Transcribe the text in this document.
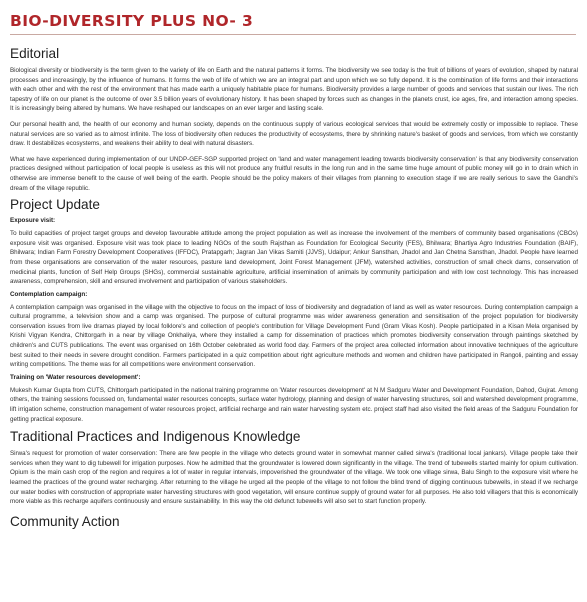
BIO-DIVERSITY PLUS NO- 3
Editorial

Biological diversity or biodiversity is the term given to the variety of life on Earth and the natural patterns it forms. The biodiversity we see today is the fruit of billions of years of evolution, shaped by natural processes and increasingly, by the influence of humans. It forms the web of life of which we are an integral part and upon which we so fully depend. It is the combination of life forms and their interactions with each other and with the rest of the environment that has made earth a uniquely habitable place for humans. Biodiversity provides a large number of goods and services that sustain our lives. The rich tapestry of life on our planet is the outcome of over 3.5 billion years of evolutionary history. It has been shaped by forces such as changes in the planets crust, ice ages, fire, and interaction among species. It is increasingly being altered by humans. We have reshaped our landscapes on an ever larger and lasting scale.

Our personal health and, the health of our economy and human society, depends on the continuous supply of various ecological services that would be extremely costly or impossible to replace. These natural services are so varied as to almost infinite. The loss of biodiversity often reduces the productivity of ecosystems, there by shrinking nature's basket of goods and services, from which we constantly draw. It destabilizes ecosystems, and weakens their ability to deal with natural disasters.

What we have experienced during implementation of our UNDP-GEF-SGP supported project on 'land and water management leading towards biodiversity conservation' is that any biodiversity conservation practices designed without participation of local people is useless as this will not produce any fruitful results in the long run and in the same time huge amount of public money will go in to drain which in otherwise are immense benefit to the cause of well being of the earth. People should be the policy makers of their villages from planning to execution stage if we are really serious to save the Gandhi's dream of the village republic.

Project Update
Exposure visit:

To build capacities of project target groups and develop favourable attitude among the project population as well as increase the involvement of the members of community based organisations (CBOs) exposure visit was organised. Exposure visit was took place to leading NGOs of the south Rajsthan as Foundation for Ecological Security (FES), Bhilwara; Bhartiya Agro Industries Foundation (BAIF), Bhilwara; Indian Farm Forestry Development Cooperatives (IFFDC), Pratapgarh; Jagran Jan Vikas Samiti (JJVS), Udaipur; Ankur Sansthan, Jhadol and Jan Chetna Sansthan, Jhadol. People have learned from these organisations are conservation of the water resources, pasture land development, Joint Forest Management (JFM), watershed activities, construction of small check dams, conservation of medicinal plants, function of Self Help Groups (SHGs), commercial sustainable agriculture, artificial insemination of animals by community participation and with low cost technology. This has increased awareness, comprehension, skill and ensured involvement and participation of various stakeholders.

Contemplation campaign:

A contemplation campaign was organised in the village with the objective to focus on the impact of loss of biodiversity and degradation of land as well as water resources. During contemplation campaign a cultural programme, a television show and a camp was organised. The purpose of cultural programme was wider awareness generation and sensitisation of the project population for biodiversity conservation issues from live dramas played by local folklore's and collection of people's contribution for Village Development Fund (Gram Vikas Kosh). People participated in a Kisan Mela organised by Krishi Vigyan Kendra, Chittorgarh in a near by village Onkhaliya, where they installed a camp for dissemination of practices which promotes biodiversity conservation through paintings sketched by children's and CUTS publications. The event was organised on 16th October celebrated as world food day. Farmers of the project area collected information about innovative techniques of the agriculture best suited to their needs in severe drought condition. Farmers participated in a quiz competition about right agriculture methods and women and children have participated in Rangoli, painting and essay writing competitions. The theme was for all competitions were environment conservation.

Training on 'Water resources development':

Mukesh Kumar Gupta from CUTS, Chittorgarh participated in the national training programme on 'Water resources development' at N M Sadguru Water and Development Foundation, Dahod, Gujrat. Among others, the training sessions focussed on, fundamental water resources concepts, surface water hydrology, planning and design of water harvesting structures, soil and watershed development programme, lift irrigation scheme, construction management of water resources project, artificial recharge and rain water harvesting system etc. project staff had also visited the field areas of the Sadguru Foundation for getting practical exposure.

Traditional Practices and Indigenous Knowledge

Sirwa's request for promotion of water conservation: There are few people in the village who detects ground water in somewhat manner called sirwa's (traditional local jankars). Village people take their services when they want to dig tubewell for irrigation purposes. Now he admitted that the groundwater is lowered down significantly in the village. The trend of tubewells started mainly for opium cultivation. Opium is the main cash crop of the region and requires a lot of water in regular intervals, impoverished the groundwater of the village. We took one village sirwa, Balu Singh to the exposure visit where he learned the practices of the ground water recharging. After returning to the village he urged all the people of the village to not follow the blind trend of digging continuous tubewells, in stead if we recharge our water bodies with construction of appropriate water harvesting structures with good vegetation, will ensure continue supply of ground water for all purposes. He also told villagers that this is economically more viable as this recharge aquifers continuously and ensure sustainability. In this way the old defunct tubewells will also set to start function properly.

Community Action
